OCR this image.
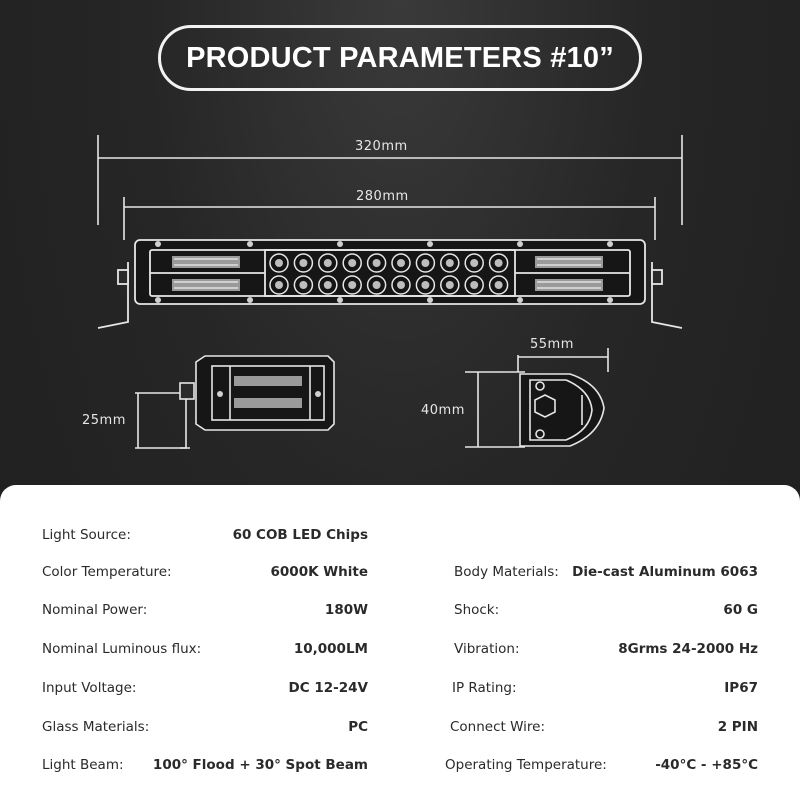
PRODUCT PARAMETERS #10”
320mm
280mm
25mm
40mm
55mm
Light Source:	60 COB LED Chips
Color Temperature:	6000K White
Nominal Power:	180W
Nominal Luminous flux:	10,000LM
Input Voltage:	DC 12-24V
Glass Materials:	PC
Light Beam:	100° Flood + 30° Spot Beam
Body Materials: Die-cast Aluminum 6063
Shock:	60 G
Vibration:	8Grms 24-2000 Hz
IP Rating:	IP67
Connect Wire:	2 PIN
Operating Temperature:	-40°C - +85°C
